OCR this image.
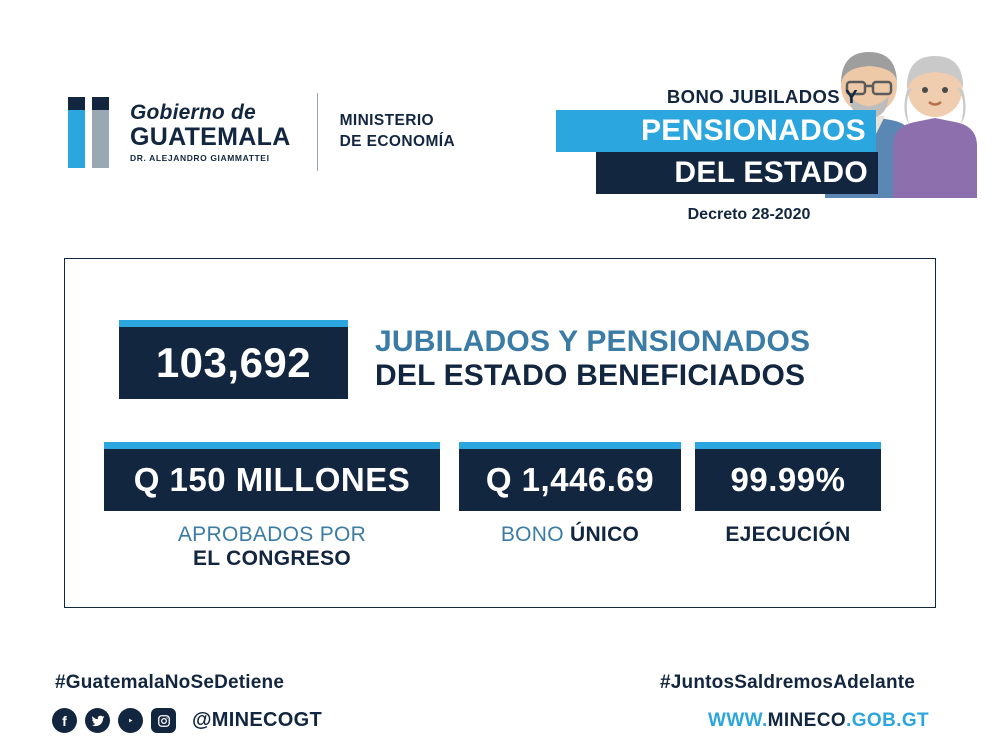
Gobierno de
GUATEMALA
DR. ALEJANDRO GIAMMATTEI
MINISTERIO
DE ECONOMÍA
BONO JUBILADOS Y
PENSIONADOS
DEL ESTADO
Decreto 28-2020
103,692 JUBILADOS Y PENSIONADOS
DEL ESTADO BENEFICIADOS
Q 150 MILLONES
APROBADOS POR
EL CONGRESO
Q 1,446.69
BONO ÚNICO
99.99%
EJECUCIÓN
#GuatemalaNoSeDetiene	#JuntosSaldremosAdelante
f	@MINECOGT	WWW.MINECO.GOB.GT
